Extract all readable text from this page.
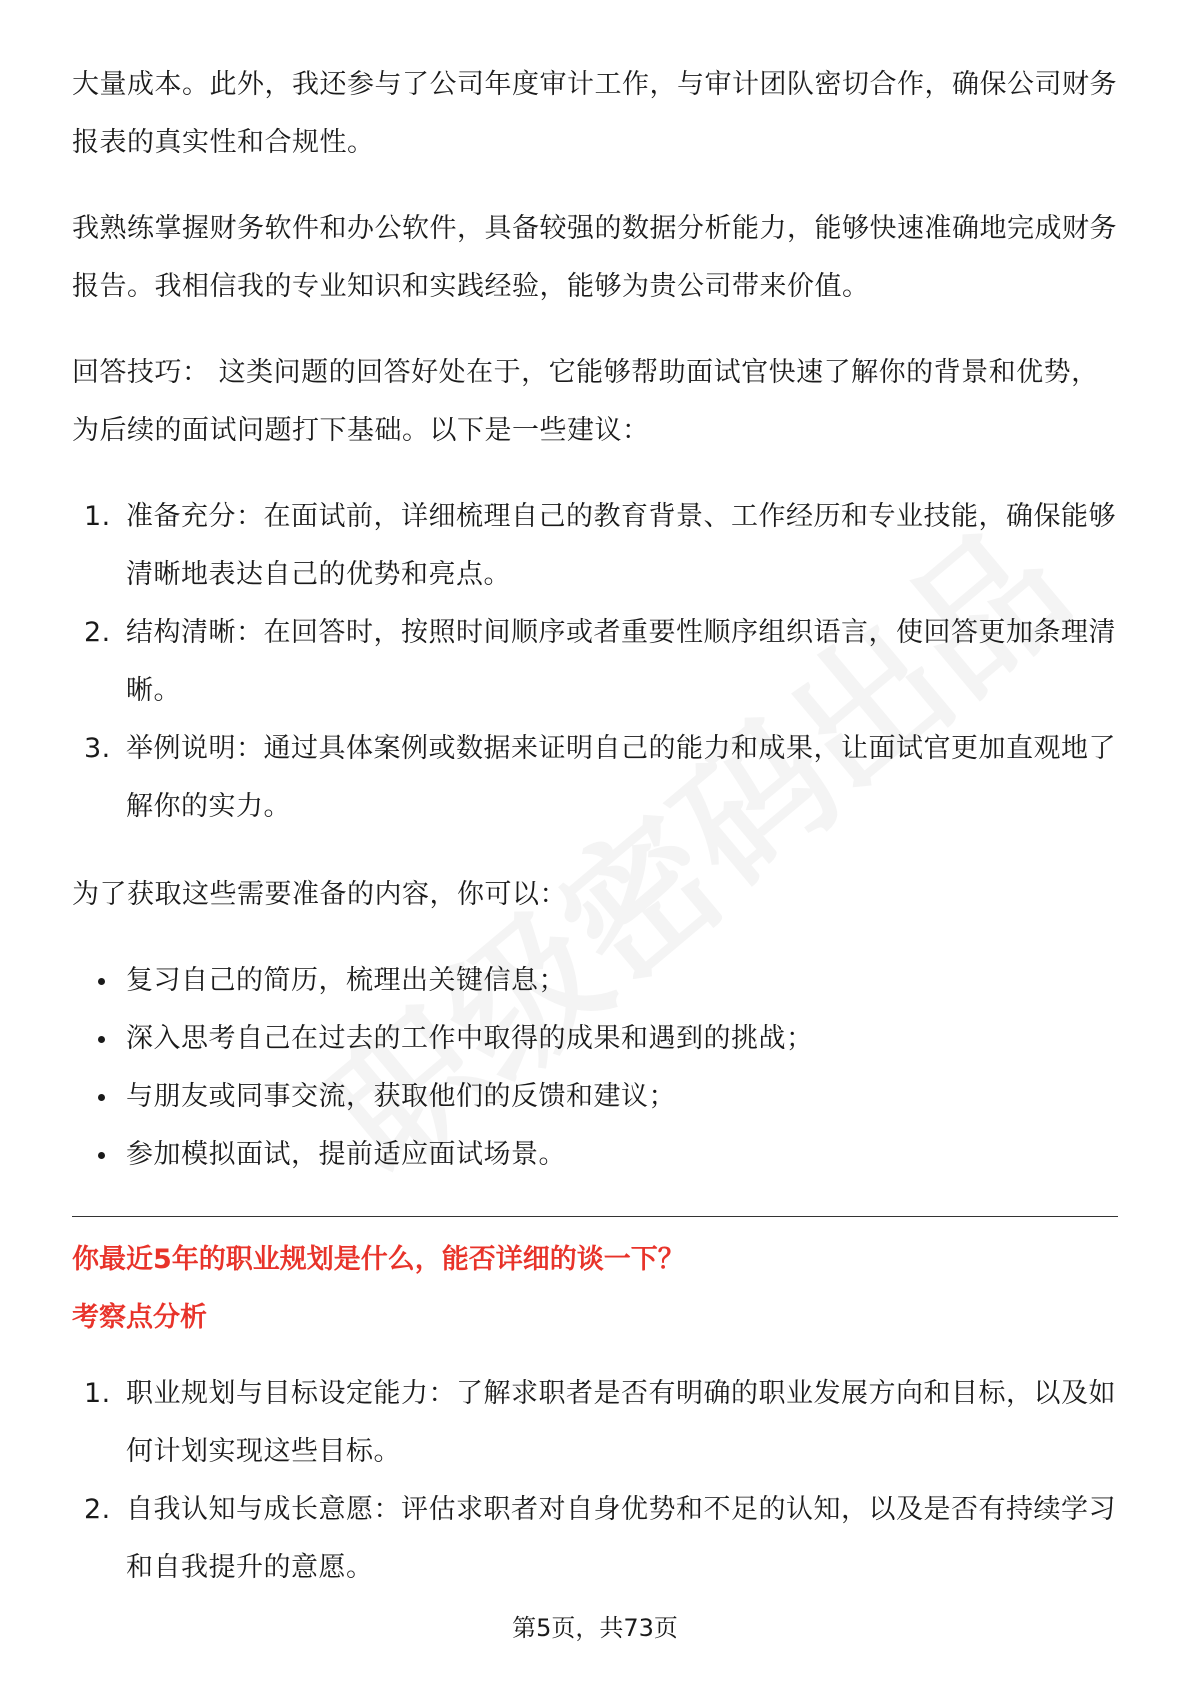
大量成本。此外，我还参与了公司年度审计工作，与审计团队密切合作，确保公司财务报表的真实性和合规性。

我熟练掌握财务软件和办公软件，具备较强的数据分析能力，能够快速准确地完成财务报告。我相信我的专业知识和实践经验，能够为贵公司带来价值。

回答技巧： 这类问题的回答好处在于，它能够帮助面试官快速了解你的背景和优势，为后续的面试问题打下基础。以下是一些建议：

1. 准备充分：在面试前，详细梳理自己的教育背景、工作经历和专业技能，确保能够清晰地表达自己的优势和亮点。
2. 结构清晰：在回答时，按照时间顺序或者重要性顺序组织语言，使回答更加条理清晰。
3. 举例说明：通过具体案例或数据来证明自己的能力和成果，让面试官更加直观地了解你的实力。

为了获取这些需要准备的内容，你可以：

复习自己的简历，梳理出关键信息；
深入思考自己在过去的工作中取得的成果和遇到的挑战；
与朋友或同事交流，获取他们的反馈和建议；
参加模拟面试，提前适应面试场景。

你最近5年的职业规划是什么，能否详细的谈一下？

考察点分析

1. 职业规划与目标设定能力：了解求职者是否有明确的职业发展方向和目标，以及如何计划实现这些目标。
2. 自我认知与成长意愿：评估求职者对自身优势和不足的认知，以及是否有持续学习和自我提升的意愿。
第5页，共73页
